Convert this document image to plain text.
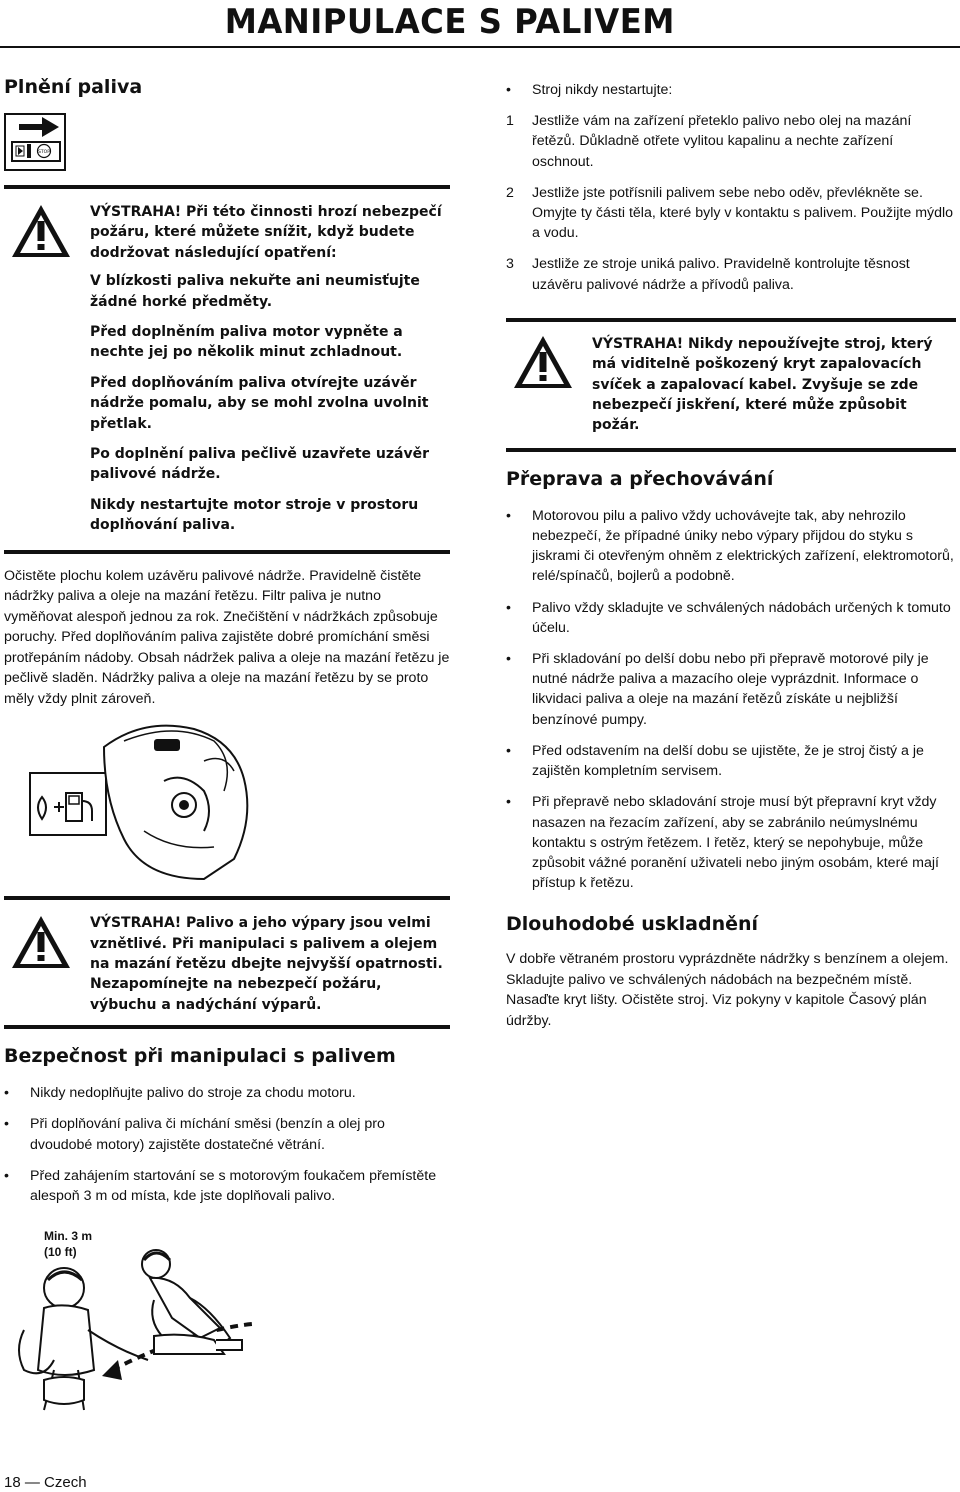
MANIPULACE S PALIVEM
Plnění paliva
STOP

VÝSTRAHA! Při této činnosti hrozí nebezpečí požáru, které můžete snížit, když budete dodržovat následující opatření:

V blízkosti paliva nekuřte ani neumisťujte žádné horké předměty.

Před doplněním paliva motor vypněte a nechte jej po několik minut zchladnout.

Před doplňováním paliva otvírejte uzávěr nádrže pomalu, aby se mohl zvolna uvolnit přetlak.

Po doplnění paliva pečlivě uzavřete uzávěr palivové nádrže.

Nikdy nestartujte motor stroje v prostoru doplňování paliva.

Očistěte plochu kolem uzávěru palivové nádrže. Pravidelně čistěte nádržky paliva a oleje na mazání řetězu. Filtr paliva je nutno vyměňovat alespoň jednou za rok. Znečištění v nádržkách způsobuje poruchy. Před doplňováním paliva zajistěte dobré promíchání směsi protřepáním nádoby. Obsah nádržek paliva a oleje na mazání řetězu je pečlivě sladěn. Nádržky paliva a oleje na mazání řetězu by se proto měly vždy plnit zároveň.

VÝSTRAHA! Palivo a jeho výpary jsou velmi vznětlivé. Při manipulaci s palivem a olejem na mazání řetězu dbejte nejvyšší opatrnosti. Nezapomínejte na nebezpečí požáru, výbuchu a nadýchání výparů.

Bezpečnost při manipulaci s palivem
• Nikdy nedoplňujte palivo do stroje za chodu motoru.
• Při doplňování paliva či míchání směsi (benzín a olej pro dvoudobé motory) zajistěte dostatečné větrání.
• Před zahájením startování se s motorovým foukačem přemístěte alespoň 3 m od místa, kde jste doplňovali palivo.
Min. 3 m
(10 ft)
• Stroj nikdy nestartujte:
1 Jestliže vám na zařízení přeteklo palivo nebo olej na mazání řetězů. Důkladně otřete vylitou kapalinu a nechte zařízení oschnout.
2 Jestliže jste potřísnili palivem sebe nebo oděv, převlékněte se. Omyjte ty části těla, které byly v kontaktu s palivem. Použijte mýdlo a vodu.
3 Jestliže ze stroje uniká palivo. Pravidelně kontrolujte těsnost uzávěru palivové nádrže a přívodů paliva.

VÝSTRAHA! Nikdy nepoužívejte stroj, který má viditelně poškozený kryt zapalovacích svíček a zapalovací kabel. Zvyšuje se zde nebezpečí jiskření, které může způsobit požár.

Přeprava a přechovávání
• Motorovou pilu a palivo vždy uchovávejte tak, aby nehrozilo nebezpečí, že případné úniky nebo výpary přijdou do styku s jiskrami či otevřeným ohněm z elektrických zařízení, elektromotorů, relé/spínačů, bojlerů a podobně.
• Palivo vždy skladujte ve schválených nádobách určených k tomuto účelu.
• Při skladování po delší dobu nebo při přepravě motorové pily je nutné nádrže paliva a mazacího oleje vyprázdnit. Informace o likvidaci paliva a oleje na mazání řetězů získáte u nejbližší benzínové pumpy.
• Před odstavením na delší dobu se ujistěte, že je stroj čistý a je zajištěn kompletním servisem.
• Při přepravě nebo skladování stroje musí být přepravní kryt vždy nasazen na řezacím zařízení, aby se zabránilo neúmyslnému kontaktu s ostrým řetězem. I řetěz, který se nepohybuje, může způsobit vážné poranění uživateli nebo jiným osobám, které mají přístup k řetězu.
Dlouhodobé uskladnění

V dobře větraném prostoru vyprázdněte nádržky s benzínem a olejem. Skladujte palivo ve schválených nádobách na bezpečném místě. Nasaďte kryt lišty. Očistěte stroj. Viz pokyny v kapitole Časový plán údržby.

18 — Czech
